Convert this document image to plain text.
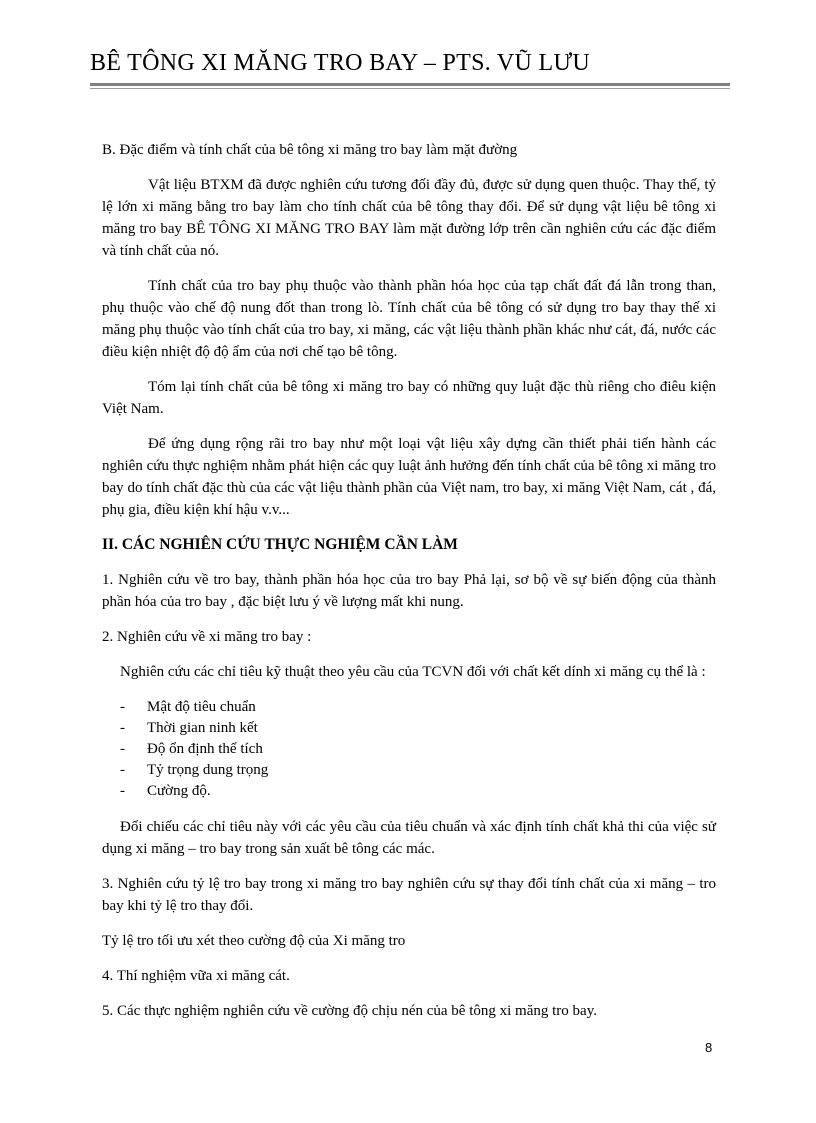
BÊ TÔNG XI MĂNG TRO BAY – PTS. VŨ LƯU

B. Đặc điểm và tính chất của bê tông xi măng tro bay làm mặt đường

Vật liệu BTXM đã được nghiên cứu tương đối đầy đủ, được sử dụng quen thuộc. Thay thế, tỷ lệ lớn xi măng bằng tro bay làm cho tính chất của bê tông thay đổi. Để sử dụng vật liệu bê tông xi măng tro bay BÊ TÔNG XI MĂNG TRO BAY làm mặt đường lớp trên cần nghiên cứu các đặc điểm và tính chất của nó.

Tính chất của tro bay phụ thuộc vào thành phần hóa học của tạp chất đất đá lẫn trong than, phụ thuộc vào chế độ nung đốt than trong lò. Tính chất của bê tông có sử dụng tro bay thay thế xi măng phụ thuộc vào tính chất của tro bay, xi măng, các vật liệu thành phần khác như cát, đá, nước các điều kiện nhiệt độ độ ẩm của nơi chế tạo bê tông.

Tóm lại tính chất của bê tông xi măng tro bay có những quy luật đặc thù riêng cho điêu kiện Việt Nam.

Để ứng dụng rộng rãi tro bay như một loại vật liệu xây dựng cần thiết phải tiến hành các nghiên cứu thực nghiệm nhằm phát hiện các quy luật ảnh hưởng đến tính chất của bê tông xi măng tro bay do tính chất đặc thù của các vật liệu thành phần của Việt nam, tro bay, xi măng Việt Nam, cát , đá, phụ gia, điều kiện khí hậu v.v...

II. CÁC NGHIÊN CỨU THỰC NGHIỆM CẦN LÀM

1. Nghiên cứu về tro bay, thành phần hóa học của tro bay Phả lại, sơ bộ về sự biến động của thành phần hóa của tro bay , đặc biệt lưu ý về lượng mất khi nung.

2. Nghiên cứu về xi măng tro bay :

Nghiên cứu các chỉ tiêu kỹ thuật theo yêu cầu của TCVN đối với chất kết dính xi măng cụ thể là :

- Mật độ tiêu chuẩn
- Thời gian ninh kết
- Độ ổn định thể tích
- Tỷ trọng dung trọng
- Cường độ.

Đối chiếu các chỉ tiêu này với các yêu cầu của tiêu chuẩn và xác định tính chất khả thi của việc sử dụng xi măng – tro bay trong sản xuất bê tông các mác.

3. Nghiên cứu tỷ lệ tro bay trong xi măng tro bay nghiên cứu sự thay đổi tính chất của xi măng – tro bay khi tỷ lệ tro thay đổi.

Tỷ lệ tro tối ưu xét theo cường độ của Xi măng tro

4. Thí nghiệm vữa xi măng cát.

5. Các thực nghiệm nghiên cứu về cường độ chịu nén của bê tông xi măng tro bay.

8
